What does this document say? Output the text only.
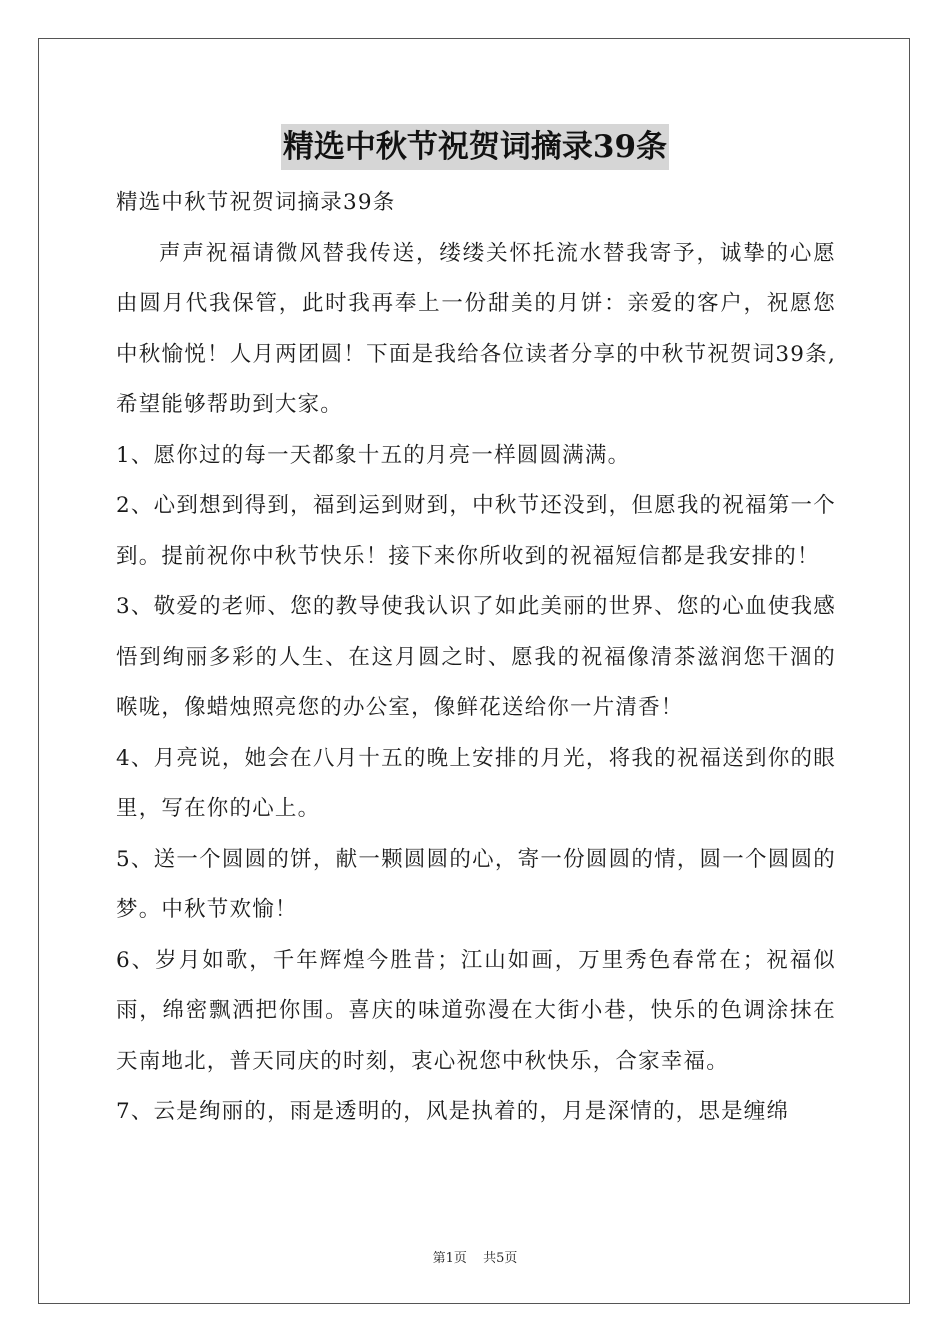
精选中秋节祝贺词摘录39条

精选中秋节祝贺词摘录39条

声声祝福请微风替我传送，缕缕关怀托流水替我寄予，诚挚的心愿由圆月代我保管，此时我再奉上一份甜美的月饼：亲爱的客户，祝愿您中秋愉悦！人月两团圆！下面是我给各位读者分享的中秋节祝贺词39条,希望能够帮助到大家。

1、愿你过的每一天都象十五的月亮一样圆圆满满。

2、心到想到得到，福到运到财到，中秋节还没到，但愿我的祝福第一个到。提前祝你中秋节快乐！接下来你所收到的祝福短信都是我安排的！

3、敬爱的老师、您的教导使我认识了如此美丽的世界、您的心血使我感悟到绚丽多彩的人生、在这月圆之时、愿我的祝福像清茶滋润您干涸的喉咙，像蜡烛照亮您的办公室，像鲜花送给你一片清香！

4、月亮说，她会在八月十五的晚上安排的月光，将我的祝福送到你的眼里，写在你的心上。

5、送一个圆圆的饼，献一颗圆圆的心，寄一份圆圆的情，圆一个圆圆的梦。中秋节欢愉！

6、岁月如歌，千年辉煌今胜昔；江山如画，万里秀色春常在；祝福似雨，绵密飘洒把你围。喜庆的味道弥漫在大街小巷，快乐的色调涂抹在天南地北，普天同庆的时刻，衷心祝您中秋快乐，合家幸福。

7、云是绚丽的，雨是透明的，风是执着的，月是深情的，思是缠绵

第1页 共5页
